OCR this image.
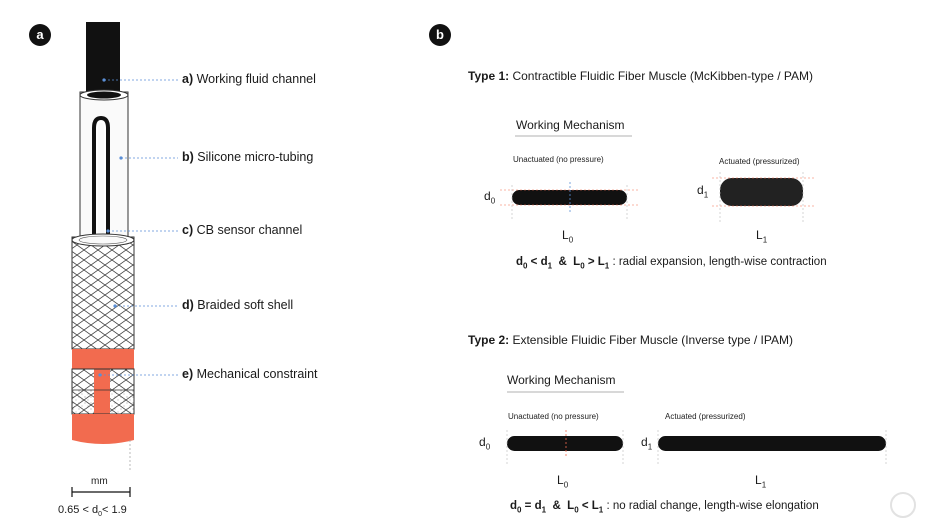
a	b
a) Working fluid channel
b) Silicone micro-tubing
c) CB sensor channel
d) Braided soft shell
e) Mechanical constraint
mm
$0.65 < d_0< 1.9$
Type 1: Contractible Fluidic Fiber Muscle (McKibben-type / PAM)
Working Mechanism
Unactuated (no pressure)	Actuated (pressurized)
$d_0$
$d_1$
$L_0$	$L_1$
$d_0 < d_1$  &  $L_0 > L_1$ : radial expansion, length-wise contraction
Type 2: Extensible Fluidic Fiber Muscle (Inverse type / IPAM)
Working Mechanism
Unactuated (no pressure)	Actuated (pressurized)
$d_0$	$d_1$
$L_0$	$L_1$
$d_0 = d_1$  &  $L_0 < L_1$ : no radial change, length-wise elongation
